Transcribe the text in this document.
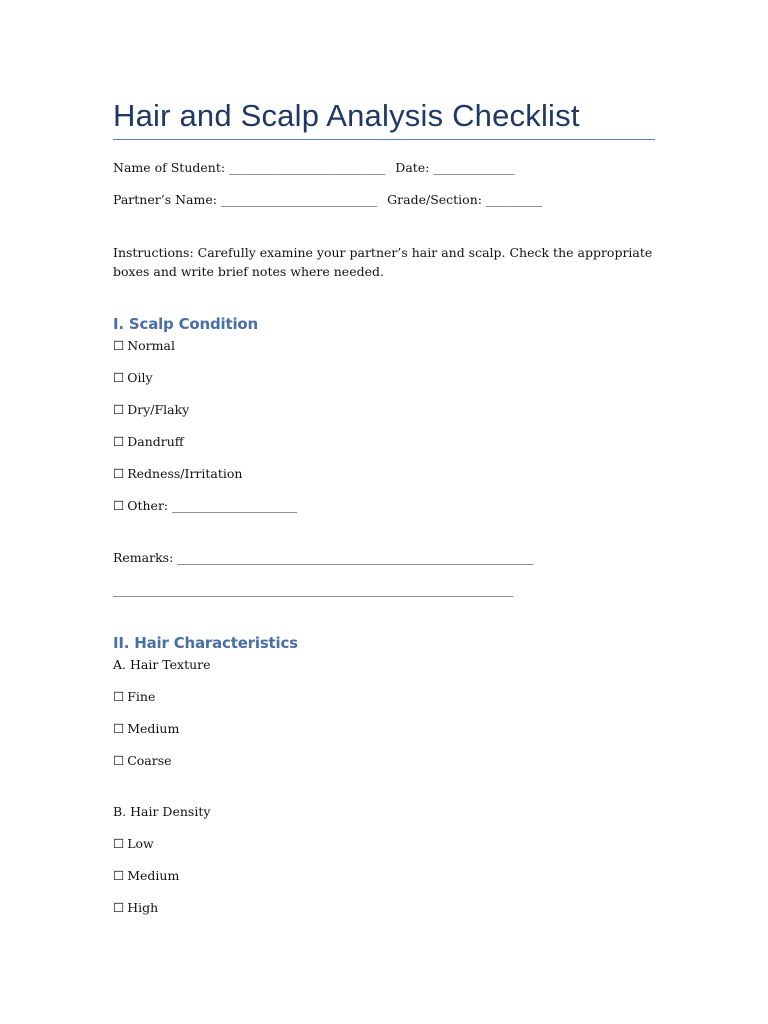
Hair and Scalp Analysis Checklist
Name of Student: _________________________ Date: _____________
Partner’s Name: _________________________ Grade/Section: _________
Instructions: Carefully examine your partner’s hair and scalp. Check the appropriate boxes and write brief notes where needed.
I. Scalp Condition
☐ Normal
☐ Oily
☐ Dry/Flaky
☐ Dandruff
☐ Redness/Irritation
☐ Other: ____________________
Remarks: _________________________________________________________
________________________________________________________________
II. Hair Characteristics
A. Hair Texture
☐ Fine
☐ Medium
☐ Coarse
B. Hair Density
☐ Low
☐ Medium
☐ High
